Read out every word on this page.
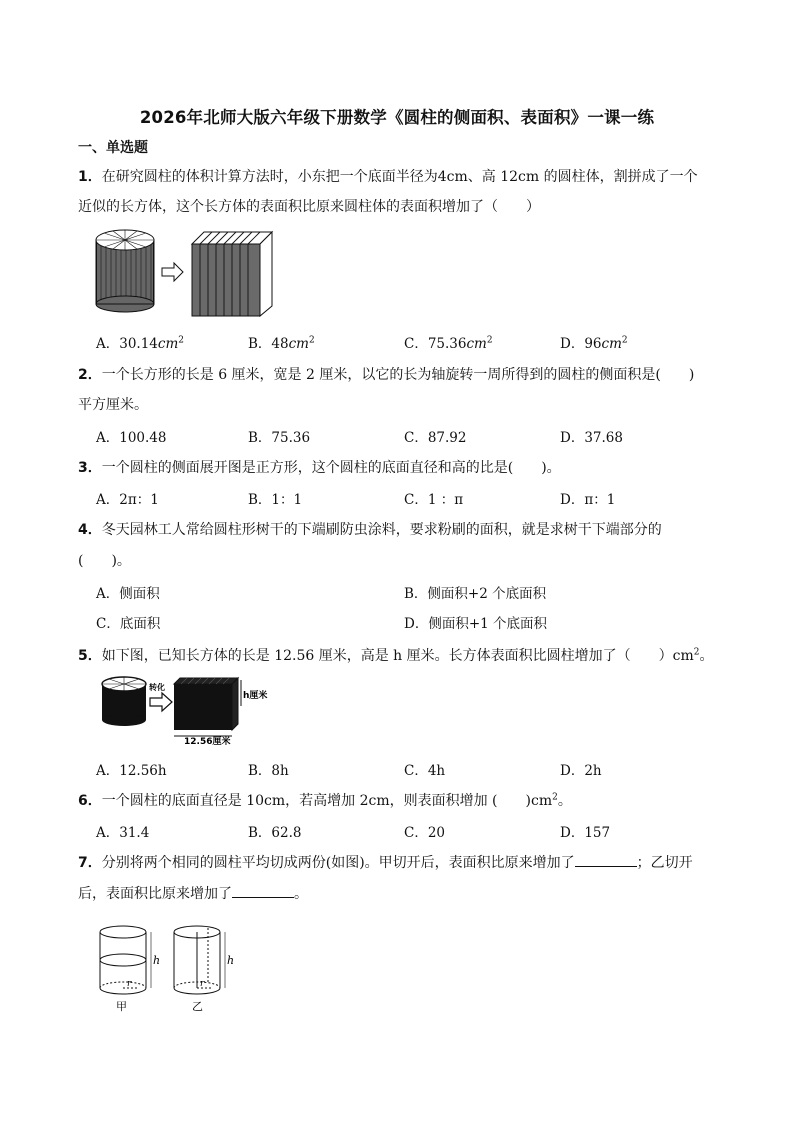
2026年北师大版六年级下册数学《圆柱的侧面积、表面积》一课一练
一、单选题
1．在研究圆柱的体积计算方法时，小东把一个底面半径为4cm、高 12cm 的圆柱体，割拼成了一个
近似的长方体，这个长方体的表面积比原来圆柱体的表面积增加了（　　）
A．$30.14cm^2$	B．$48cm^2$	C．$75.36cm^2$	D．$96cm^2$
2．一个长方形的长是 6 厘米，宽是 2 厘米，以它的长为轴旋转一周所得到的圆柱的侧面积是(　　)
平方厘米。
A．100.48	B．75.36	C．87.92	D．37.68
3．一个圆柱的侧面展开图是正方形，这个圆柱的底面直径和高的比是(　　)。
A．2π：1	B．1：1	C．1 ：π	D．π：1
4．冬天园林工人常给圆柱形树干的下端刷防虫涂料，要求粉刷的面积，就是求树干下端部分的
(　　)。
A．侧面积	B．侧面积+2 个底面积
C．底面积	D．侧面积+1 个底面积
5．如下图，已知长方体的长是 12.56 厘米，高是 h 厘米。长方体表面积比圆柱增加了（　　）$cm^2$。
转化
h厘米
12.56厘米
A．12.56h	B．8h	C．4h	D．2h
6．一个圆柱的底面直径是 10cm，若高增加 2cm，则表面积增加 (　　)$cm^2$。
A．31.4	B．62.8	C．20	D．157
7．分别将两个相同的圆柱平均切成两份(如图)。甲切开后，表面积比原来增加了	；乙切开
后，表面积比原来增加了	。
h
r
甲
h
r
乙
